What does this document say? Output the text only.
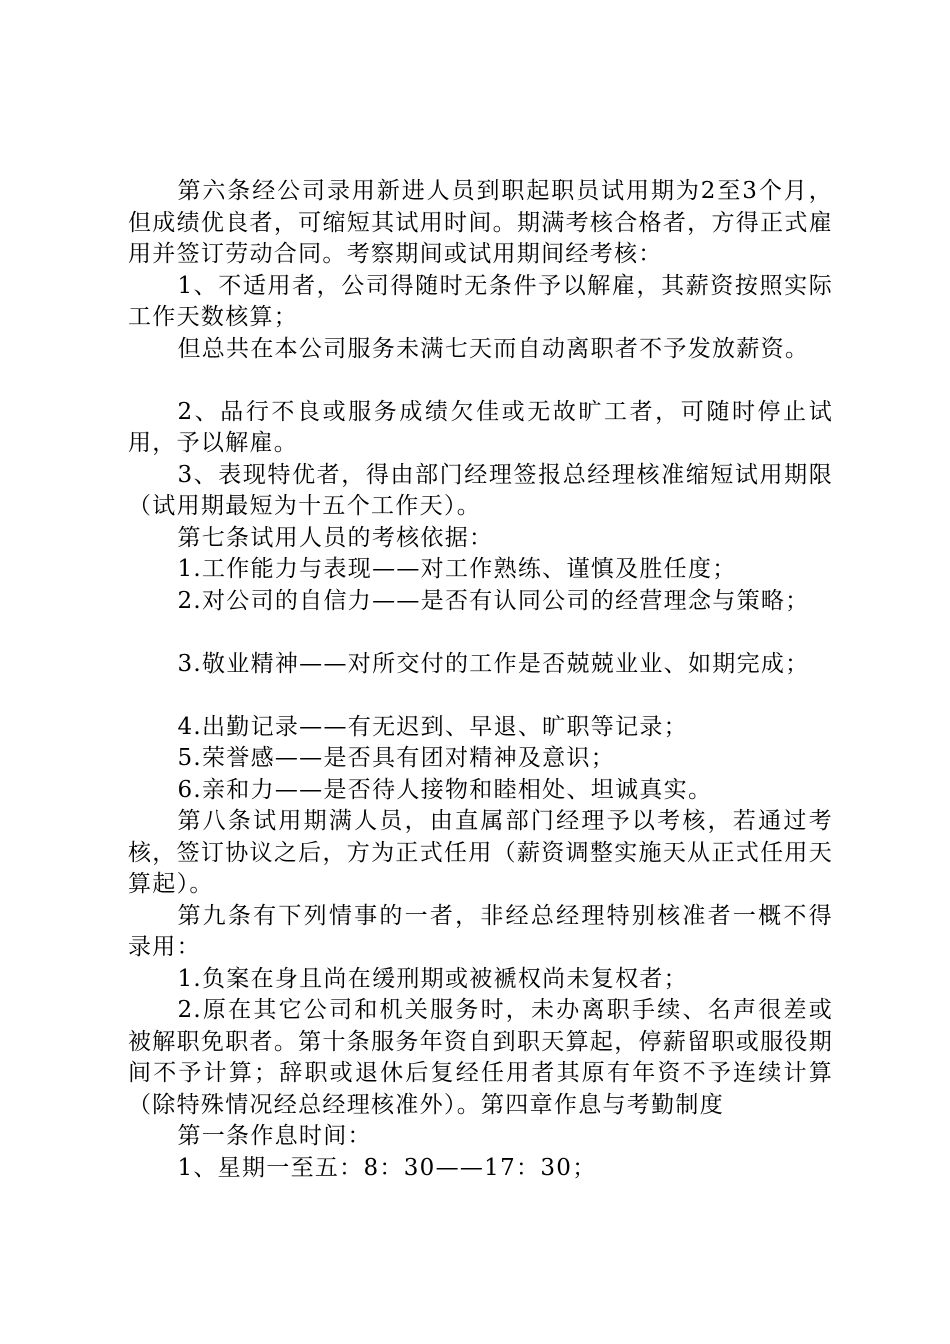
第六条经公司录用新进人员到职起职员试用期为2至3个月，但成绩优良者，可缩短其试用时间。期满考核合格者，方得正式雇用并签订劳动合同。考察期间或试用期间经考核：

1、不适用者，公司得随时无条件予以解雇，其薪资按照实际工作天数核算；

但总共在本公司服务未满七天而自动离职者不予发放薪资。

2、品行不良或服务成绩欠佳或无故旷工者，可随时停止试用，予以解雇。

3、表现特优者，得由部门经理签报总经理核准缩短试用期限（试用期最短为十五个工作天）。

第七条试用人员的考核依据：

1.工作能力与表现——对工作熟练、谨慎及胜任度；

2.对公司的自信力——是否有认同公司的经营理念与策略；

3.敬业精神——对所交付的工作是否兢兢业业、如期完成；

4.出勤记录——有无迟到、早退、旷职等记录；

5.荣誉感——是否具有团对精神及意识；

6.亲和力——是否待人接物和睦相处、坦诚真实。

第八条试用期满人员，由直属部门经理予以考核，若通过考核，签订协议之后，方为正式任用（薪资调整实施天从正式任用天算起）。

第九条有下列情事的一者，非经总经理特别核准者一概不得录用：

1.负案在身且尚在缓刑期或被褫权尚未复权者；

2.原在其它公司和机关服务时，未办离职手续、名声很差或被解职免职者。第十条服务年资自到职天算起，停薪留职或服役期间不予计算；辞职或退休后复经任用者其原有年资不予连续计算（除特殊情况经总经理核准外）。第四章作息与考勤制度

第一条作息时间：

1、星期一至五：8：30——17：30；
